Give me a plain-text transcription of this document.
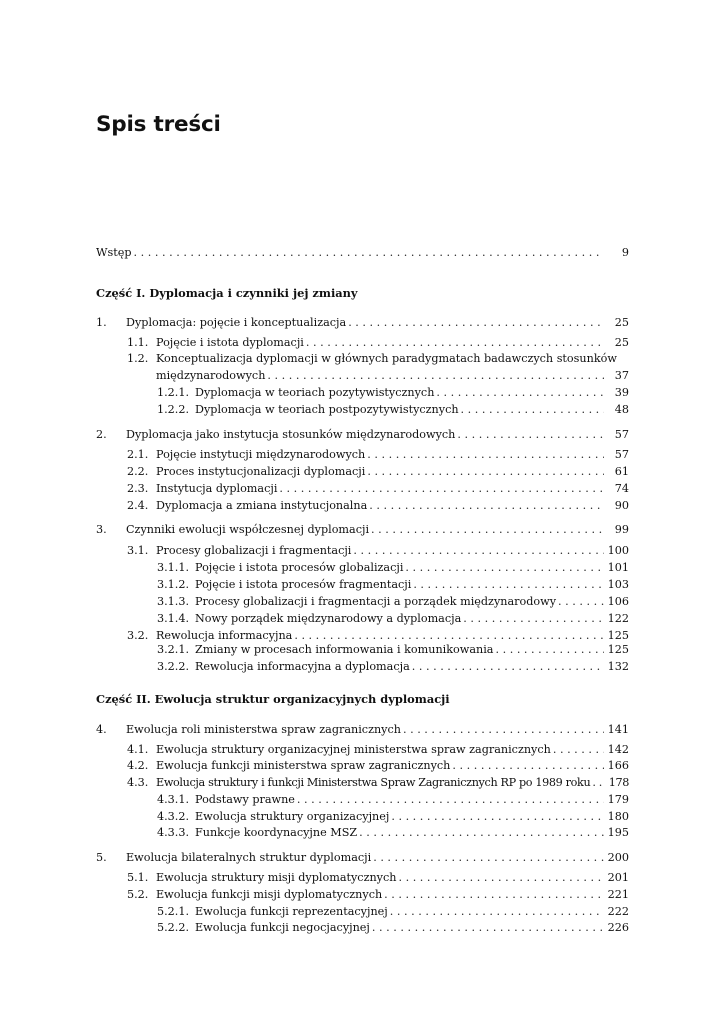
Spis treści
Wstęp . . .	9
Część I. Dyplomacja i czynniki jej zmiany
1. Dyplomacja: pojęcie i konceptualizacja . . .	25
1.1. Pojęcie i istota dyplomacji . . .	25
1.2. Konceptualizacja dyplomacji w głównych paradygmatach badawczych stosunków
międzynarodowych . . .	37
1.2.1. Dyplomacja w teoriach pozytywistycznych . . .	39
1.2.2. Dyplomacja w teoriach postpozytywistycznych . . .	48
2. Dyplomacja jako instytucja stosunków międzynarodowych . . .	57
2.1. Pojęcie instytucji międzynarodowych . . .	57
2.2. Proces instytucjonalizacji dyplomacji . . .	61
2.3. Instytucja dyplomacji . . .	74
2.4. Dyplomacja a zmiana instytucjonalna . . .	90
3. Czynniki ewolucji współczesnej dyplomacji . . .	99
3.1. Procesy globalizacji i fragmentacji . . .	100
3.1.1. Pojęcie i istota procesów globalizacji . . .	101
3.1.2. Pojęcie i istota procesów fragmentacji . . .	103
3.1.3. Procesy globalizacji i fragmentacji a porządek międzynarodowy . . .	106
3.1.4. Nowy porządek międzynarodowy a dyplomacja . . .	122
3.2. Rewolucja informacyjna . . .	125
3.2.1. Zmiany w procesach informowania i komunikowania . . .	125
3.2.2. Rewolucja informacyjna a dyplomacja . . .	132
Część II. Ewolucja struktur organizacyjnych dyplomacji
4. Ewolucja roli ministerstwa spraw zagranicznych . . .	141
4.1. Ewolucja struktury organizacyjnej ministerstwa spraw zagranicznych . . .	142
4.2. Ewolucja funkcji ministerstwa spraw zagranicznych . . .	166
4.3. Ewolucja struktury i funkcji Ministerstwa Spraw Zagranicznych RP po 1989 roku . . . 178
4.3.1. Podstawy prawne . . .	179
4.3.2. Ewolucja struktury organizacyjnej . . .	180
4.3.3. Funkcje koordynacyjne MSZ . . .	195
5. Ewolucja bilateralnych struktur dyplomacji . . .	200
5.1. Ewolucja struktury misji dyplomatycznych . . .	201
5.2. Ewolucja funkcji misji dyplomatycznych . . .	221
5.2.1. Ewolucja funkcji reprezentacyjnej . . .	222
5.2.2. Ewolucja funkcji negocjacyjnej . . .	226
